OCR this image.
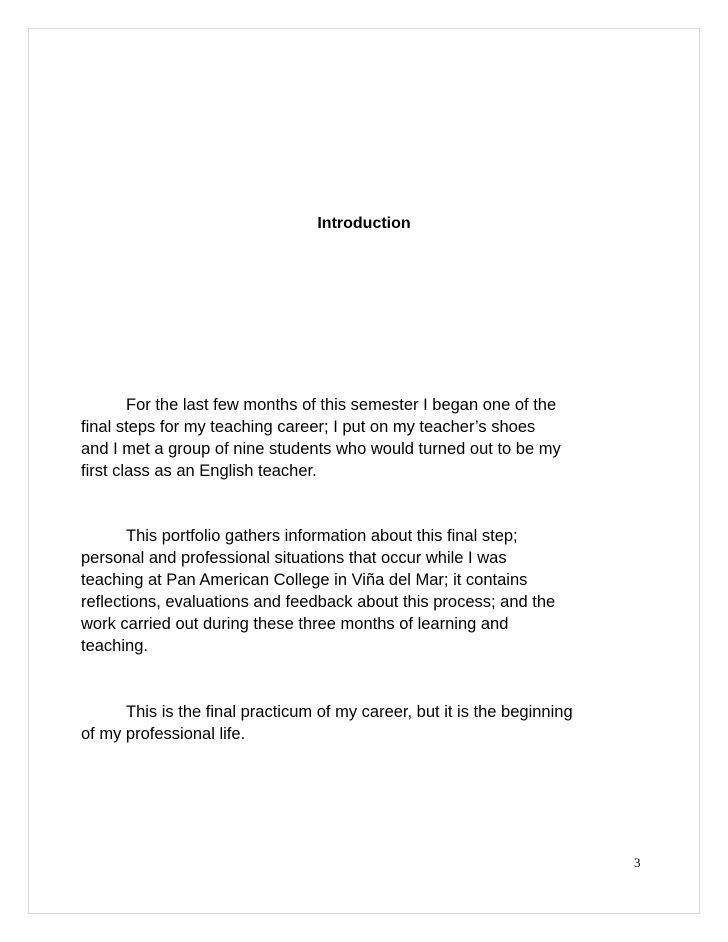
Introduction

For the last few months of this semester I began one of the
final steps for my teaching career; I put on my teacher’s shoes
and I met a group of nine students who would turned out to be my
first class as an English teacher.

This portfolio gathers information about this final step;
personal and professional situations that occur while I was
teaching at Pan American College in Viña del Mar; it contains
reflections, evaluations and feedback about this process; and the
work carried out during these three months of learning and
teaching.

This is the final practicum of my career, but it is the beginning
of my professional life.

3
